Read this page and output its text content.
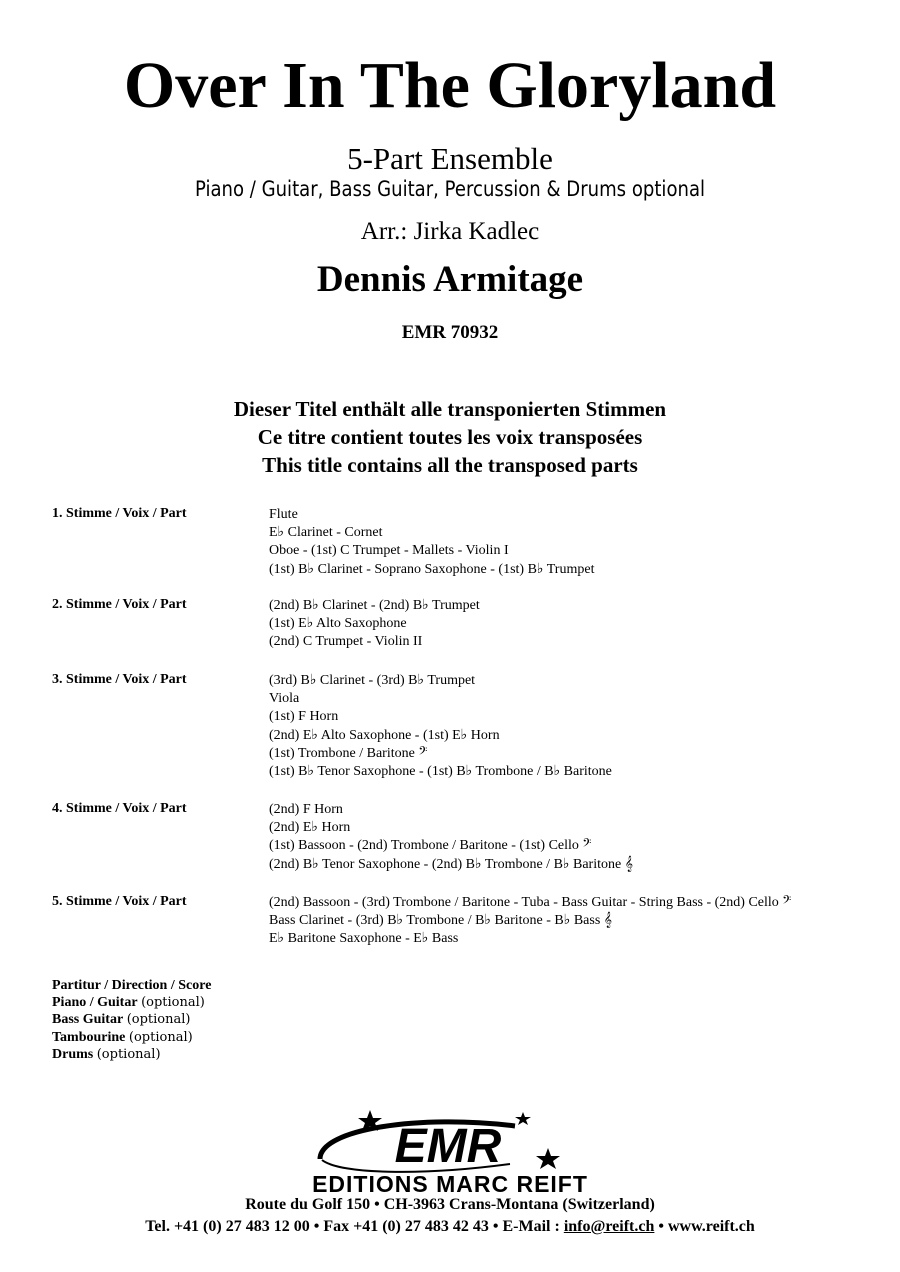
Over In The Gloryland
5-Part Ensemble
Piano / Guitar, Bass Guitar, Percussion & Drums optional
Arr.: Jirka Kadlec
Dennis Armitage
EMR 70932
Dieser Titel enthält alle transponierten Stimmen
Ce titre contient toutes les voix transposées
This title contains all the transposed parts
1. Stimme / Voix / Part	Flute
E♭ Clarinet - Cornet
Oboe - (1st) C Trumpet - Mallets - Violin I
(1st) B♭ Clarinet - Soprano Saxophone - (1st) B♭ Trumpet
2. Stimme / Voix / Part	(2nd) B♭ Clarinet - (2nd) B♭ Trumpet
(1st) E♭ Alto Saxophone
(2nd) C Trumpet - Violin II
3. Stimme / Voix / Part	(3rd) B♭ Clarinet - (3rd) B♭ Trumpet
Viola
(1st) F Horn
(2nd) E♭ Alto Saxophone - (1st) E♭ Horn
(1st) Trombone / Baritone 𝄢
(1st) B♭ Tenor Saxophone - (1st) B♭ Trombone / B♭ Baritone
4. Stimme / Voix / Part	(2nd) F Horn
(2nd) E♭ Horn
(1st) Bassoon - (2nd) Trombone / Baritone - (1st) Cello 𝄢
(2nd) B♭ Tenor Saxophone - (2nd) B♭ Trombone / B♭ Baritone 𝄞
5. Stimme / Voix / Part	(2nd) Bassoon - (3rd) Trombone / Baritone - Tuba - Bass Guitar - String Bass - (2nd) Cello 𝄢
Bass Clarinet - (3rd) B♭ Trombone / B♭ Baritone - B♭ Bass 𝄞
E♭ Baritone Saxophone - E♭ Bass
Partitur / Direction / Score
Piano / Guitar (optional)
Bass Guitar (optional)
Tambourine (optional)
Drums (optional)
EMR
EDITIONS MARC REIFT
Route du Golf 150 • CH-3963 Crans-Montana (Switzerland)
Tel. +41 (0) 27 483 12 00 • Fax +41 (0) 27 483 42 43 • E-Mail : info@reift.ch • www.reift.ch
